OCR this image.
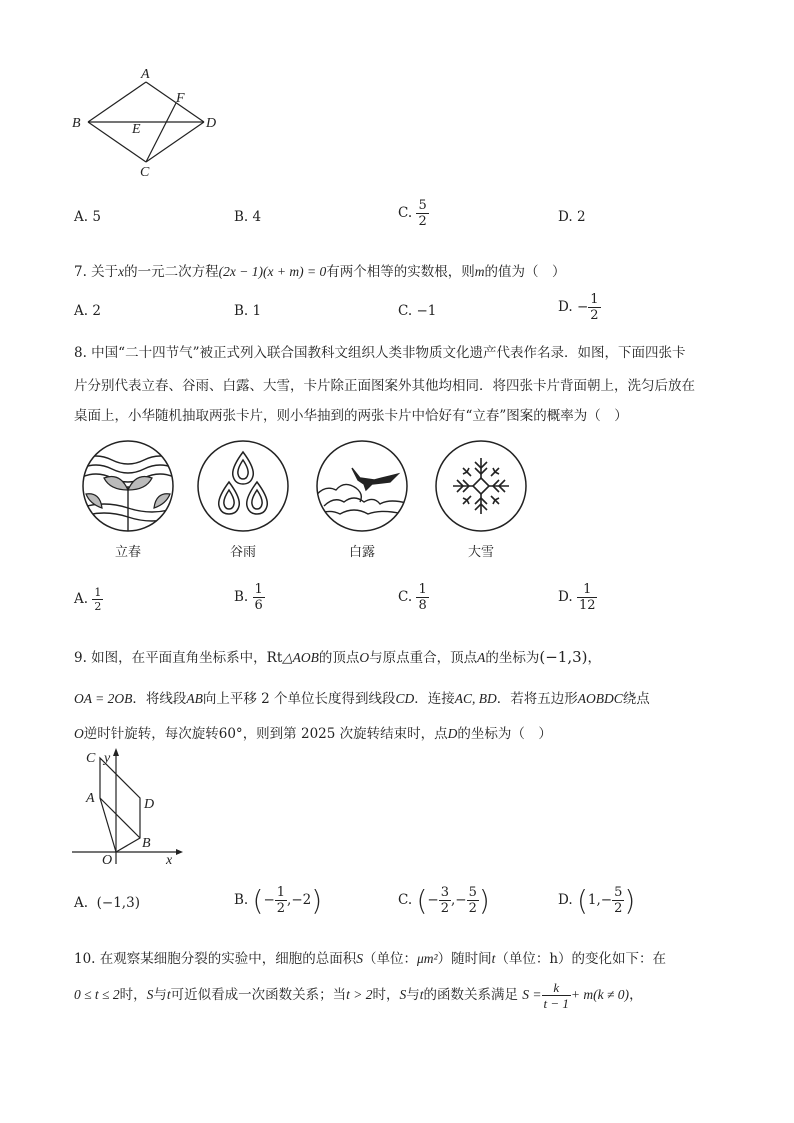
A
B
C
D
E
F
A. 5	B. 4	C. $\frac{5}{2}$	D. 2
7. 关于x的一元二次方程(2x − 1)(x + m) = 0有两个相等的实数根，则m的值为（　）
A. 2	B. 1	C. −1	D. − $\frac{1}{2}$
8. 中国“二十四节气”被正式列入联合国教科文组织人类非物质文化遗产代表作名录．如图，下面四张卡
片分别代表立春、谷雨、白露、大雪，卡片除正面图案外其他均相同．将四张卡片背面朝上，洗匀后放在
桌面上，小华随机抽取两张卡片，则小华抽到的两张卡片中恰好有“立春”图案的概率为（　）
立春	谷雨	白露	大雪
A. $\frac{1}{2}$	B. $\frac{1}{6}$	C. $\frac{1}{8}$	D. $\frac{1}{12}$
9. 如图，在平面直角坐标系中，Rt△AOB的顶点O与原点重合，顶点A的坐标为(−1,3)，
OA = 2OB．将线段AB向上平移 2 个单位长度得到线段CD．连接AC, BD．若将五边形AOBDC绕点
O逆时针旋转，每次旋转60°，则到第 2025 次旋转结束时，点D的坐标为（　）
C y
A	D
B
O	x
A. (−1,3)	B. (− $\frac{1}{2} ,-2$)	C. (− $\frac{3}{2}$ ,− $\frac{5}{2}$ )	D. ($1,- \frac{5}{2}$ )
10. 在观察某细胞分裂的实验中，细胞的总面积S（单位：μm²）随时间t（单位：h）的变化如下：在
0 ≤ t ≤ 2时，S与t可近似看成一次函数关系；当t > 2时，S与t的函数关系满足 $S = \frac{k}{t - 1} + m(k \ne 0)$，
